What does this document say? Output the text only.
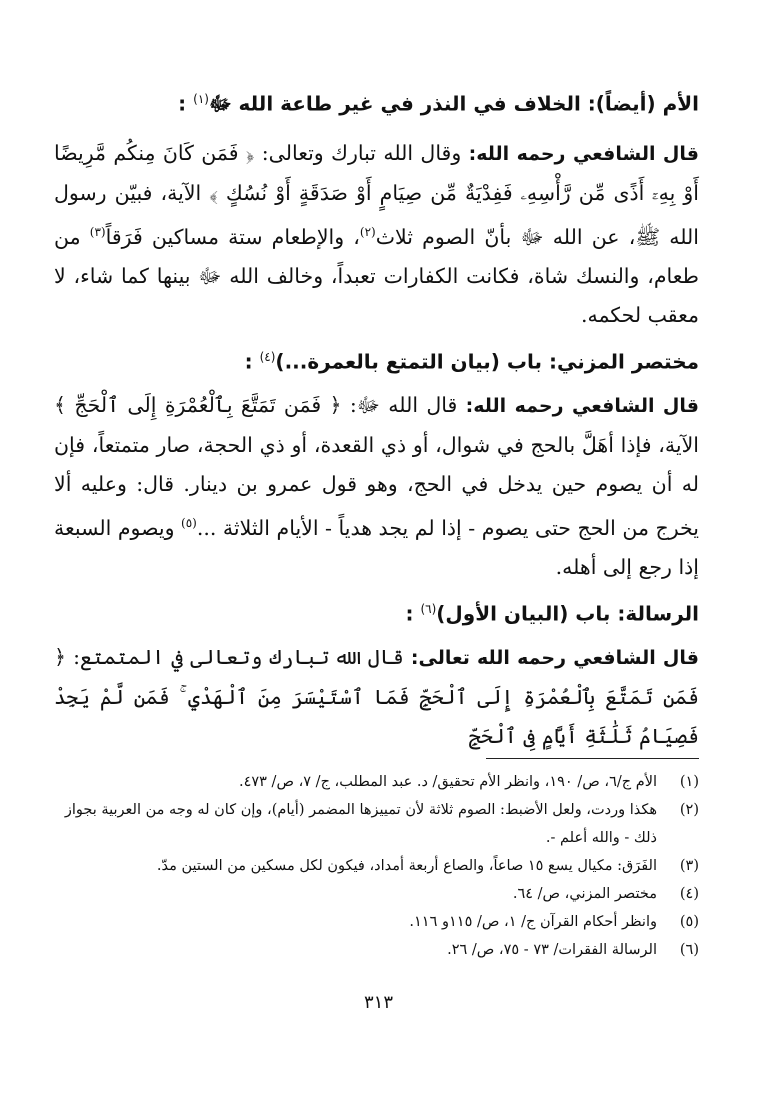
الأم (أيضاً): الخلاف في النذر في غير طاعة الله ﷻ$^{(١)}$ :
قال الشافعي رحمه الله: وقال الله تبارك وتعالى: ﴿ فَمَن كَانَ مِنكُم مَّرِيضًا أَوْ بِهِۦٓ أَذًى مِّن رَّأْسِهِۦ فَفِدْيَةٌ مِّن صِيَامٍ أَوْ صَدَقَةٍ أَوْ نُسُكٍ ﴾ الآية، فبيّن رسول الله ﷺ، عن الله ﷻ بأنّ الصوم ثلاث$^{(٢)}$، والإطعام ستة مساكين فَرَقاً$^{(٣)}$ من طعام، والنسك شاة، فكانت الكفارات تعبداً، وخالف الله ﷻ بينها كما شاء، لا معقب لحكمه.
مختصر المزني: باب (بيان التمتع بالعمرة...)$^{(٤)}$ :
قال الشافعي رحمه الله: قال الله ﷻ: ﴿ فَمَن تَمَتَّعَ بِٱلْعُمْرَةِ إِلَى ٱلْحَجِّ ﴾ الآية، فإذا أهَلَّ بالحج في شوال، أو ذي القعدة، أو ذي الحجة، صار متمتعاً، فإن له أن يصوم حين يدخل في الحج، وهو قول عمرو بن دينار. قال: وعليه ألا يخرج من الحج حتى يصوم - إذا لم يجد هدياً - الأيام الثلاثة ...$^{(٥)}$ ويصوم السبعة إذا رجع إلى أهله.
الرسالة: باب (البيان الأول)$^{(٦)}$ :
قال الشافعي رحمه الله تعالى: قال الله تبارك وتعالى في المتمتع: ﴿ فَمَن تَمَتَّعَ بِٱلْعُمْرَةِ إِلَى ٱلْحَجِّ فَمَا ٱسْتَيْسَرَ مِنَ ٱلْهَدْيِ ۚ فَمَن لَّمْ يَجِدْ فَصِيَامُ ثَلَٰثَةِ أَيَّامٍ فِى ٱلْحَجِّ
(١)
الأم ج/٦، ص/ ١٩٠، وانظر الأم تحقيق/ د. عبد المطلب، ج/ ٧، ص/ ٤٧٣.
(٢)
هكذا وردت، ولعل الأضبط: الصوم ثلاثة لأن تمييزها المضمر (أيام)، وإن كان له وجه من العربية بجواز ذلك - والله أعلم -.
(٣)
الفَرَق: مكيال يسع ١٥ صاعاً، والصاع أربعة أمداد، فيكون لكل مسكين من الستين مدّ.
(٤)
مختصر المزني، ص/ ٦٤.
(٥)
وانظر أحكام القرآن ج/ ١، ص/ ١١٥و ١١٦.
(٦)
الرسالة الفقرات/ ٧٣ - ٧٥، ص/ ٢٦.
٣١٣
